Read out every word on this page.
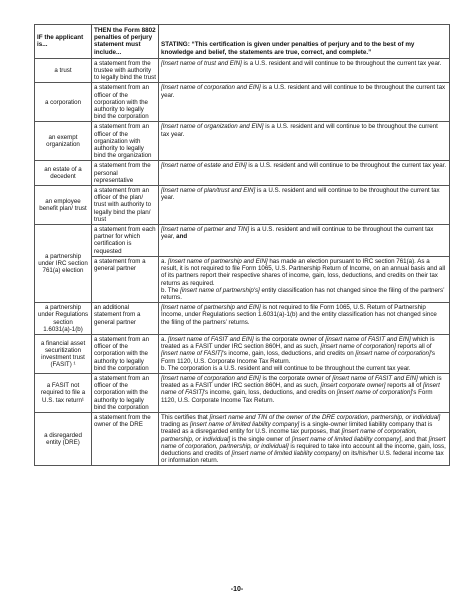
IF the applicant is...	THEN the Form 8802 penalties of perjury statement must include...	STATING: “This certification is given under penalties of perjury and to the best of my knowledge and belief, the statements are true, correct, and complete.”
a trust	a statement from the trustee with authority to legally bind the trust	[Insert name of trust and EIN] is a U.S. resident and will continue to be throughout the current tax year.

a corporation	a statement from an officer of the corporation with the authority to legally bind the corporation	[Insert name of corporation and EIN] is a U.S. resident and will continue to be throughout the current tax year.

an exempt organization	a statement from an officer of the organization with authority to legally bind the organization	[Insert name of organization and EIN] is a U.S. resident and will continue to be throughout the current tax year.

an estate of a decedent	a statement from the personal representative	[Insert name of estate and EIN] is a U.S. resident and will continue to be throughout the current tax year.

an employee benefit plan/ trust	a statement from an officer of the plan/ trust with authority to legally bind the plan/ trust	[Insert name of plan/trust and EIN] is a U.S. resident and will continue to be throughout the current tax year.

a partnership under IRC section 761(a) election	a statement from each partner for which certification is requested	[Insert name of partner and TIN] is a U.S. resident and will continue to be throughout the current tax year, and

	a statement from a general partner	a. [Insert name of partnership and EIN] has made an election pursuant to IRC section 761(a). As a result, it is not required to file Form 1065, U.S. Partnership Return of Income, on an annual basis and all of its partners report their respective shares of income, gain, loss, deductions, and credits on their tax returns as required.

b. The [insert name of partnership's] entity classification has not changed since the filing of the partners’ returns.

a partnership under Regulations section 1.6031(a)-1(b)	an additional statement from a general partner	[Insert name of partnership and EIN] is not required to file Form 1065, U.S. Return of Partnership Income, under Regulations section 1.6031(a)-1(b) and the entity classification has not changed since the filing of the partners’ returns.

a financial asset securitization investment trust (FASIT) ¹	a statement from an officer of the corporation with the authority to legally bind the corporation	a. [Insert name of FASIT and EIN] is the corporate owner of [insert name of FASIT and EIN] which is treated as a FASIT under IRC section 860H, and as such, [insert name of corporation] reports all of [insert name of FASIT]'s income, gain, loss, deductions, and credits on [insert name of corporation]'s Form 1120, U.S. Corporate Income Tax Return.

b. The corporation is a U.S. resident and will continue to be throughout the current tax year.

a FASIT not required to file a U.S. tax return¹	a statement from an officer of the corporation with the authority to legally bind the corporation	[Insert name of corporation and EIN] is the corporate owner of [insert name of FASIT and EIN] which is treated as a FASIT under IRC section 860H, and as such, [insert corporate owner] reports all of [insert name of FASIT]'s income, gain, loss, deductions, and credits on [insert name of corporation]'s Form 1120, U.S. Corporate Income Tax Return.

a disregarded entity (DRE)	a statement from the owner of the DRE	This certifies that [insert name and TIN of the owner of the DRE corporation, partnership, or individual] trading as [insert name of limited liability company] is a single-owner limited liability company that is treated as a disregarded entity for U.S. income tax purposes, that [insert name of corporation, partnership, or individual] is the single owner of [insert name of limited liability company], and that [insert name of corporation, partnership, or individual] is required to take into account all the income, gain, loss, deductions and credits of [insert name of limited liability company] on its/his/her U.S. federal income tax or information return.

-10-
